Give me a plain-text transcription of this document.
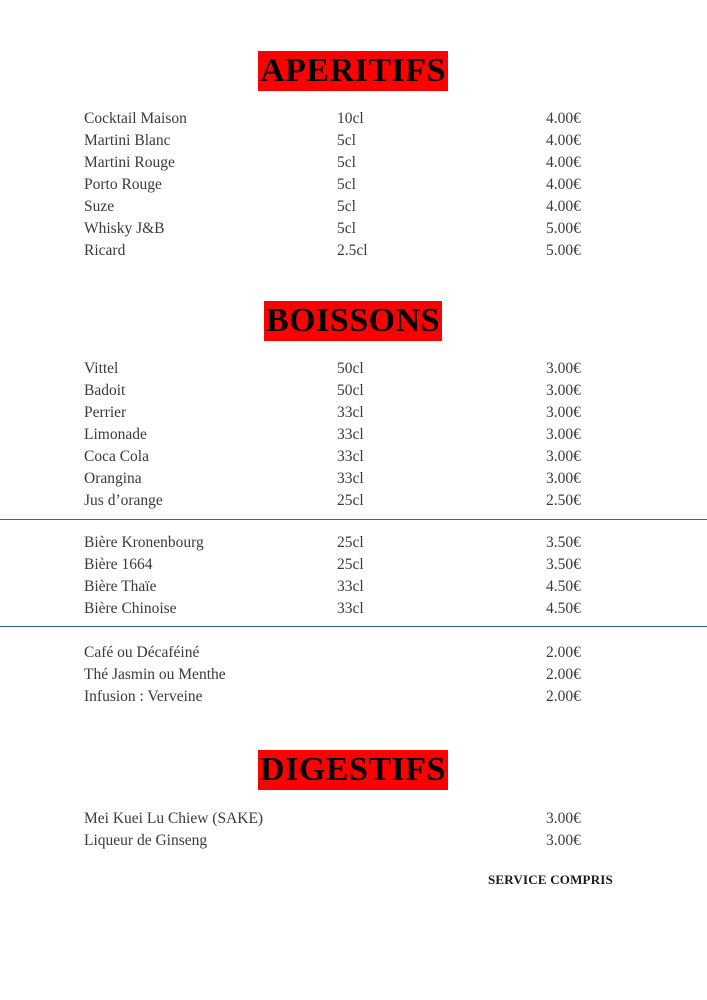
APERITIFS
Cocktail Maison	10cl	4.00€
Martini Blanc	5cl	4.00€
Martini Rouge	5cl	4.00€
Porto Rouge	5cl	4.00€
Suze	5cl	4.00€
Whisky J&B	5cl	5.00€
Ricard	2.5cl	5.00€
BOISSONS
Vittel	50cl	3.00€
Badoit	50cl	3.00€
Perrier	33cl	3.00€
Limonade	33cl	3.00€
Coca Cola	33cl	3.00€
Orangina	33cl	3.00€
Jus d’orange	25cl	2.50€
Bière Kronenbourg	25cl	3.50€
Bière 1664	25cl	3.50€
Bière Thaïe	33cl	4.50€
Bière Chinoise	33cl	4.50€
Café ou Décaféiné	2.00€
Thé Jasmin ou Menthe	2.00€
Infusion : Verveine	2.00€
DIGESTIFS
Mei Kuei Lu Chiew (SAKE)	3.00€
Liqueur de Ginseng	3.00€
SERVICE COMPRIS
